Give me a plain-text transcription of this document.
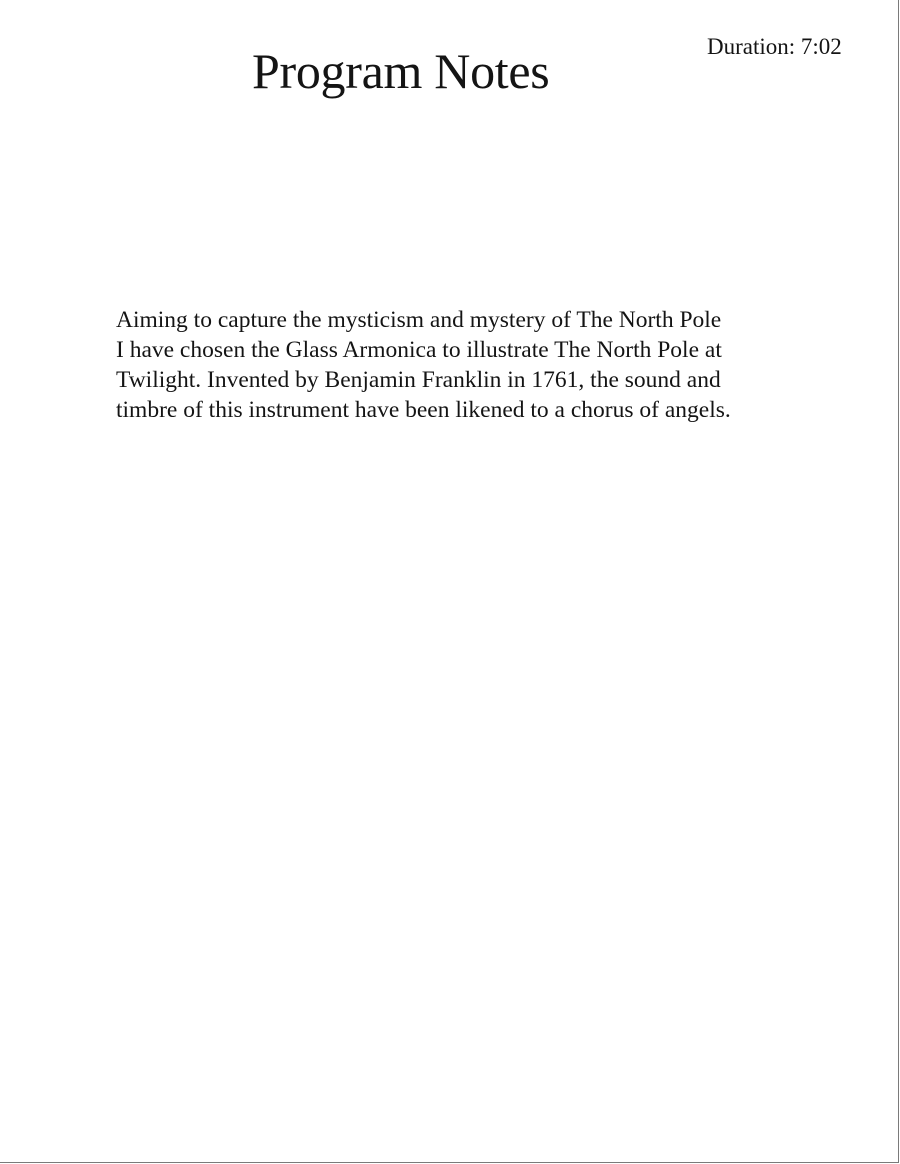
Program Notes	Duration: 7:02

Aiming to capture the mysticism and mystery of The North Pole
I have chosen the Glass Armonica to illustrate The North Pole at
Twilight. Invented by Benjamin Franklin in 1761, the sound and
timbre of this instrument have been likened to a chorus of angels.
